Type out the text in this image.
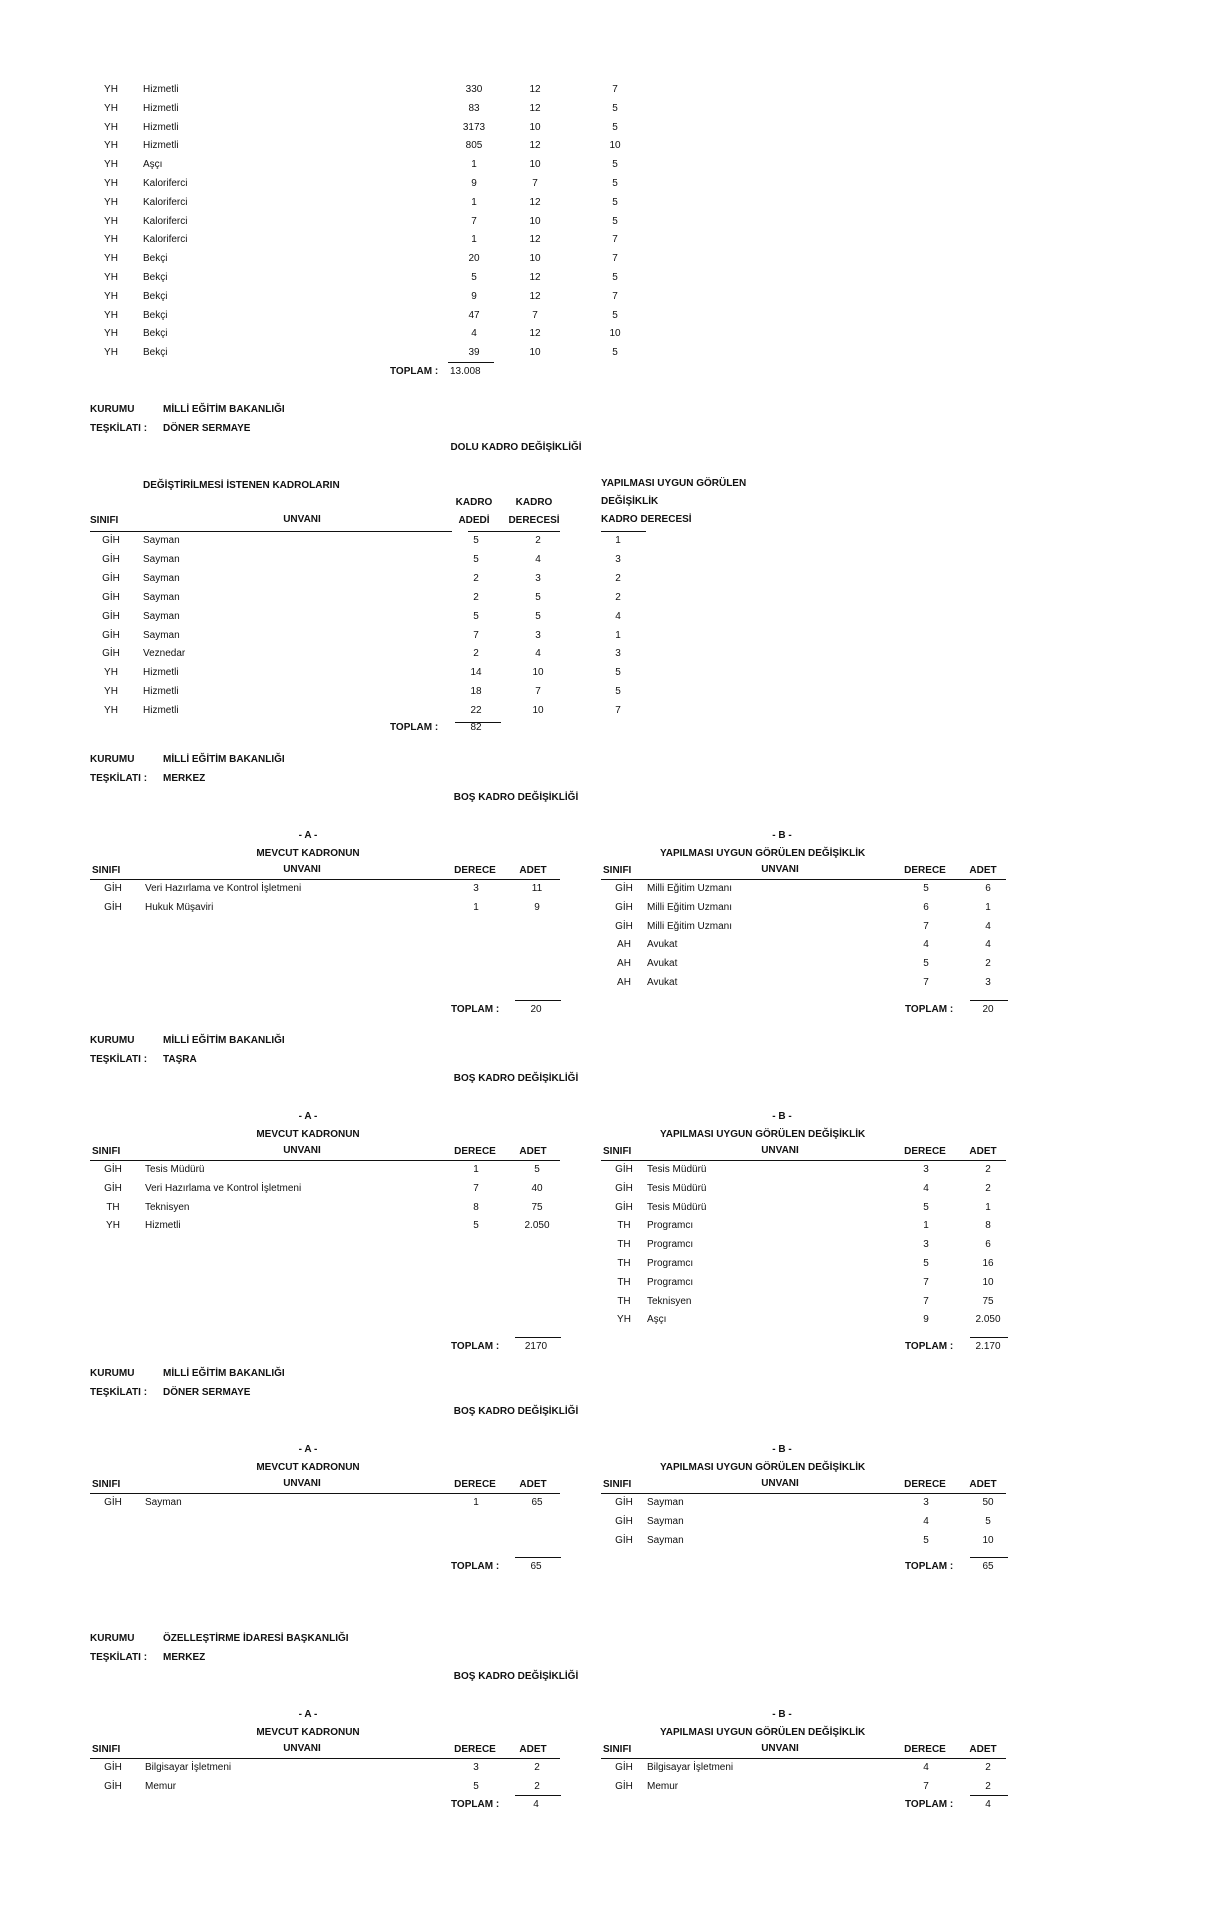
YH	Hizmetli	330	12	7
YH	Hizmetli	83	12	5
YH	Hizmetli	3173	10	5
YH	Hizmetli	805	12	10
YH	Aşçı	1	10	5
YH	Kaloriferci	9	7	5
YH	Kaloriferci	1	12	5
YH	Kaloriferci	7	10	5
YH	Kaloriferci	1	12	7
YH	Bekçi	20	10	7
YH	Bekçi	5	12	5
YH	Bekçi	9	12	7
YH	Bekçi	47	7	5
YH	Bekçi	4	12	10
YH	Bekçi	39	10	5
TOPLAM : 13.008
KURUMU	MİLLİ EĞİTİM BAKANLIĞI
TEŞKİLATI : DÖNER SERMAYE
DOLU KADRO DEĞİŞİKLİĞİ
DEĞİŞTİRİLMESİ İSTENEN KADROLARIN	YAPILMASI UYGUN GÖRÜLEN
DEĞİŞİKLİK
KADRO	KADRO
SINIFI	UNVANI	ADEDİ	DERECESİ	KADRO DERECESİ
GİH	Sayman	5	2	1
GİH	Sayman	5	4	3
GİH	Sayman	2	3	2
GİH	Sayman	2	5	2
GİH	Sayman	5	5	4
GİH	Sayman	7	3	1
GİH	Veznedar	2	4	3
YH	Hizmetli	14	10	5
YH	Hizmetli	18	7	5
YH	Hizmetli	22	10	7
TOPLAM :	82
KURUMU	MİLLİ EĞİTİM BAKANLIĞI
TEŞKİLATI : MERKEZ
BOŞ KADRO DEĞİŞİKLİĞİ
- A -	- B -
MEVCUT KADRONUN	YAPILMASI UYGUN GÖRÜLEN DEĞİŞİKLİK
SINIFI	UNVANI	DERECE	ADET	SINIFI	UNVANI	DERECE	ADET
GİH	Veri Hazırlama ve Kontrol İşletmeni	3	11
GİH	Hukuk Müşaviri	1	9
GİH	Milli Eğitim Uzmanı	5	6
GİH	Milli Eğitim Uzmanı	6	1
GİH	Milli Eğitim Uzmanı	7	4
AH	Avukat	4	4
AH	Avukat	5	2
AH	Avukat	7	3
TOPLAM :	20	TOPLAM :	20
KURUMU	MİLLİ EĞİTİM BAKANLIĞI
TEŞKİLATI : TAŞRA
BOŞ KADRO DEĞİŞİKLİĞİ
- A -	- B -
MEVCUT KADRONUN	YAPILMASI UYGUN GÖRÜLEN DEĞİŞİKLİK
SINIFI	UNVANI	DERECE	ADET	SINIFI	UNVANI	DERECE	ADET
GİH	Tesis Müdürü	1	5
GİH	Veri Hazırlama ve Kontrol İşletmeni	7	40
TH	Teknisyen	8	75
YH	Hizmetli	5	2.050
GİH	Tesis Müdürü	3	2
GİH	Tesis Müdürü	4	2
GİH	Tesis Müdürü	5	1
TH	Programcı	1	8
TH	Programcı	3	6
TH	Programcı	5	16
TH	Programcı	7	10
TH	Teknisyen	7	75
YH	Aşçı	9	2.050
TOPLAM :	2170	TOPLAM :	2.170
KURUMU	MİLLİ EĞİTİM BAKANLIĞI
TEŞKİLATI : DÖNER SERMAYE
BOŞ KADRO DEĞİŞİKLİĞİ
- A -	- B -
MEVCUT KADRONUN	YAPILMASI UYGUN GÖRÜLEN DEĞİŞİKLİK
SINIFI	UNVANI	DERECE	ADET	SINIFI	UNVANI	DERECE	ADET
GİH	Sayman	1	65	GİH	Sayman	3	50
GİH	Sayman	4	5
GİH	Sayman	5	10
TOPLAM :	65	TOPLAM :	65
KURUMU	ÖZELLEŞTİRME İDARESİ BAŞKANLIĞI
TEŞKİLATI : MERKEZ
BOŞ KADRO DEĞİŞİKLİĞİ
- A -	- B -
MEVCUT KADRONUN	YAPILMASI UYGUN GÖRÜLEN DEĞİŞİKLİK
SINIFI	UNVANI	DERECE	ADET	SINIFI	UNVANI	DERECE	ADET
GİH	Bilgisayar İşletmeni	3	2
GİH	Memur	5	2
GİH	Bilgisayar İşletmeni	4	2
GİH	Memur	7	2
TOPLAM :	4	TOPLAM :	4
